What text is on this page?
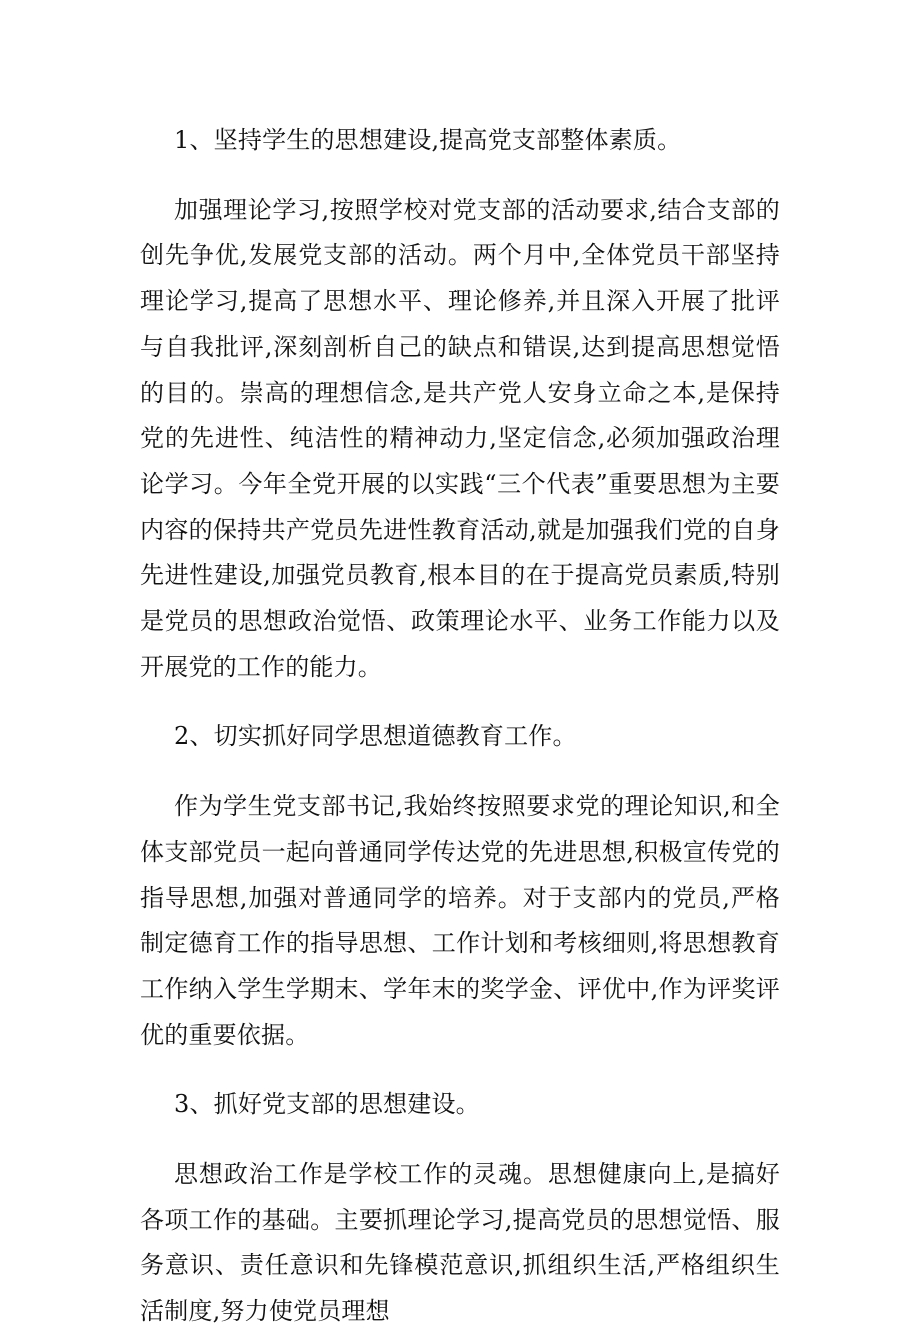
1、坚持学生的思想建设,提高党支部整体素质。

加强理论学习,按照学校对党支部的活动要求,结合支部的创先争优,发展党支部的活动。两个月中,全体党员干部坚持理论学习,提高了思想水平、理论修养,并且深入开展了批评与自我批评,深刻剖析自己的缺点和错误,达到提高思想觉悟的目的。崇高的理想信念,是共产党人安身立命之本,是保持党的先进性、纯洁性的精神动力,坚定信念,必须加强政治理论学习。今年全党开展的以实践“三个代表”重要思想为主要内容的保持共产党员先进性教育活动,就是加强我们党的自身先进性建设,加强党员教育,根本目的在于提高党员素质,特别是党员的思想政治觉悟、政策理论水平、业务工作能力以及开展党的工作的能力。

2、切实抓好同学思想道德教育工作。

作为学生党支部书记,我始终按照要求党的理论知识,和全体支部党员一起向普通同学传达党的先进思想,积极宣传党的指导思想,加强对普通同学的培养。对于支部内的党员,严格制定德育工作的指导思想、工作计划和考核细则,将思想教育工作纳入学生学期末、学年末的奖学金、评优中,作为评奖评优的重要依据。

3、抓好党支部的思想建设。

思想政治工作是学校工作的灵魂。思想健康向上,是搞好各项工作的基础。主要抓理论学习,提高党员的思想觉悟、服务意识、责任意识和先锋模范意识,抓组织生活,严格组织生活制度,努力使党员理想
